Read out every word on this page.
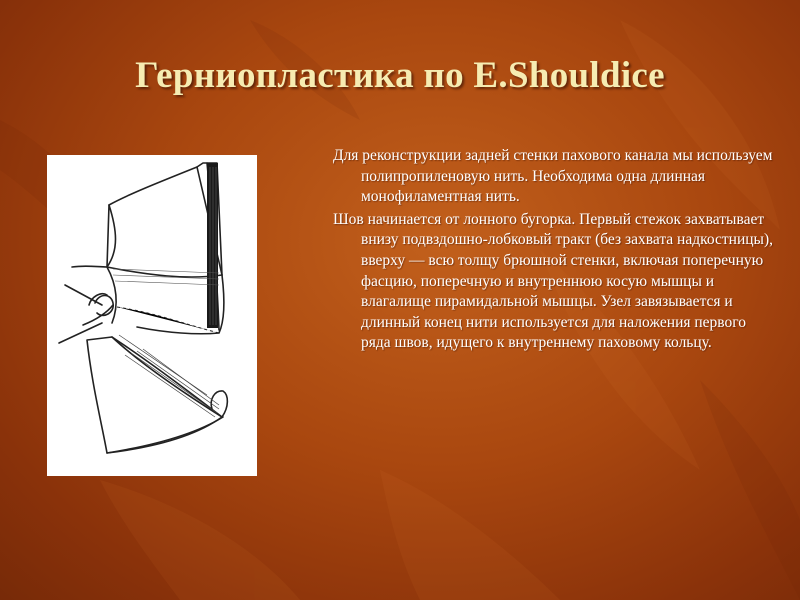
Герниопластика по E.Shouldice

Для реконструкции задней стенки пахового канала мы используем полипропиленовую нить. Необходима одна длинная монофиламентная нить.

Шов начинается от лонного бугорка. Первый стежок захватывает внизу подвздошно-лобковый тракт (без захвата надкостницы), вверху — всю толщу брюшной стенки, включая поперечную фасцию, поперечную и внутреннюю косую мышцы и влагалище пирамидальной мышцы. Узел завязывается и длинный конец нити используется для наложения первого ряда швов, идущего к внутреннему паховому кольцу.
